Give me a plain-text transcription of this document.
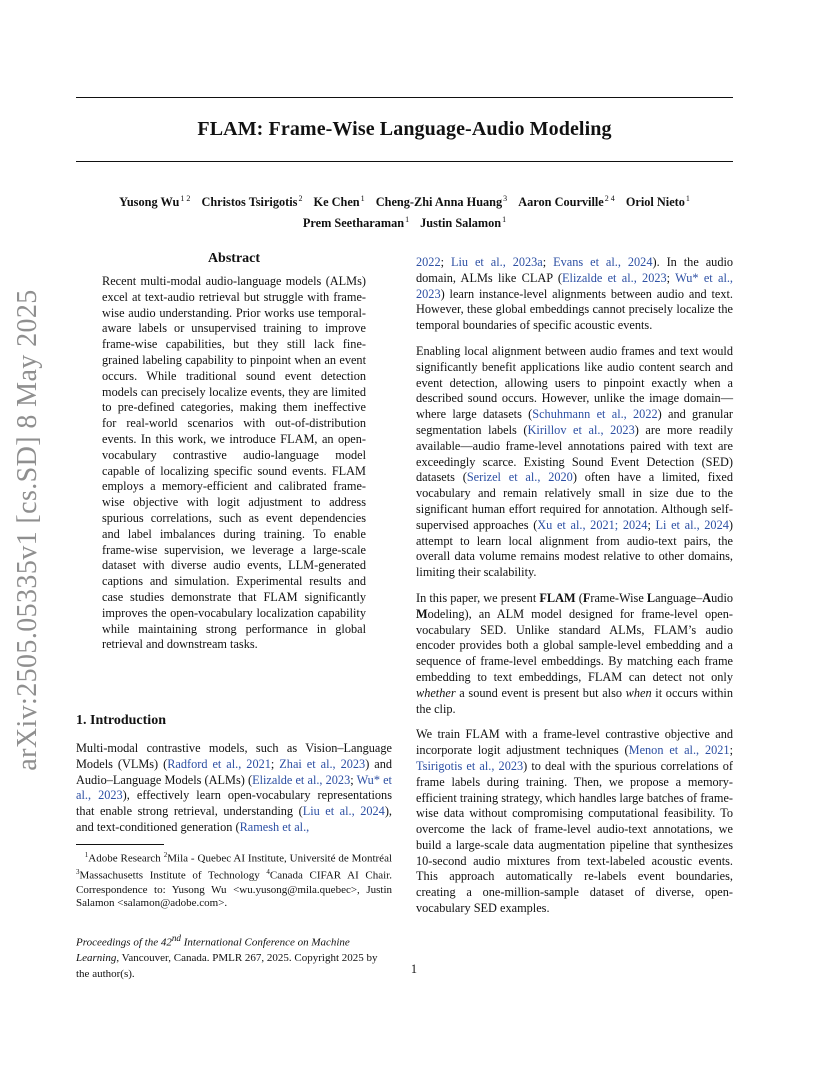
FLAM: Frame-Wise Language-Audio Modeling
Yusong $Wu^{1 2}$ Christos Tsirigotis$^2$ Ke Chen$^1$ Cheng-Zhi Anna Huang$^3$ Aaron Courville$^{2 4}$ Oriol Nieto$^1$
Prem Seetharaman$^1$ Justin Salamon$^1$
arXiv:2505.05335v1 [cs.SD] 8 May 2025
Abstract
Recent multi-modal audio-language models (ALMs) excel at text-audio retrieval but struggle with frame-wise audio understanding. Prior works use temporal-aware labels or unsupervised training to improve frame-wise capabilities, but they still lack fine-grained labeling capability to pinpoint when an event occurs. While traditional sound event detection models can precisely localize events, they are limited to pre-defined categories, making them ineffective for real-world scenarios with out-of-distribution events. In this work, we introduce FLAM, an open-vocabulary contrastive audio-language model capable of localizing specific sound events. FLAM employs a memory-efficient and calibrated frame-wise objective with logit adjustment to address spurious correlations, such as event dependencies and label imbalances during training. To enable frame-wise supervision, we leverage a large-scale dataset with diverse audio events, LLM-generated captions and simulation. Experimental results and case studies demonstrate that FLAM significantly improves the open-vocabulary localization capability while maintaining strong performance in global retrieval and downstream tasks.
1. Introduction

Multi-modal contrastive models, such as Vision–Language Models (VLMs) (Radford et al., 2021; Zhai et al., 2023) and Audio–Language Models (ALMs) (Elizalde et al., 2023; Wu* et al., 2023), effectively learn open-vocabulary representations that enable strong retrieval, understanding (Liu et al., 2024), and text-conditioned generation (Ramesh et al.,

$^1$Adobe Research $^2$Mila - Quebec AI Institute, Université de Montréal $^3$Massachusetts Institute of Technology $^4$Canada CIFAR AI Chair. Correspondence to: Yusong Wu <wu.yusong@mila.quebec>, Justin Salamon <salamon@adobe.com>.
Proceedings of the 42nd International Conference on Machine Learning, Vancouver, Canada. PMLR 267, 2025. Copyright 2025 by the author(s).

2022; Liu et al., 2023a; Evans et al., 2024). In the audio domain, ALMs like CLAP (Elizalde et al., 2023; Wu* et al., 2023) learn instance-level alignments between audio and text. However, these global embeddings cannot precisely localize the temporal boundaries of specific acoustic events.

Enabling local alignment between audio frames and text would significantly benefit applications like audio content search and event detection, allowing users to pinpoint exactly when a described sound occurs. However, unlike the image domain—where large datasets (Schuhmann et al., 2022) and granular segmentation labels (Kirillov et al., 2023) are more readily available—audio frame-level annotations paired with text are exceedingly scarce. Existing Sound Event Detection (SED) datasets (Serizel et al., 2020) often have a limited, fixed vocabulary and remain relatively small in size due to the significant human effort required for annotation. Although self-supervised approaches (Xu et al., 2021; 2024; Li et al., 2024) attempt to learn local alignment from audio-text pairs, the overall data volume remains modest relative to other domains, limiting their scalability.

In this paper, we present FLAM (Frame-Wise Language–Audio Modeling), an ALM model designed for frame-level open-vocabulary SED. Unlike standard ALMs, FLAM’s audio encoder provides both a global sample-level embedding and a sequence of frame-level embeddings. By matching each frame embedding to text embeddings, FLAM can detect not only whether a sound event is present but also when it occurs within the clip.

We train FLAM with a frame-level contrastive objective and incorporate logit adjustment techniques (Menon et al., 2021; Tsirigotis et al., 2023) to deal with the spurious correlations of frame labels during training. Then, we propose a memory-efficient training strategy, which handles large batches of frame-wise data without compromising computational feasibility. To overcome the lack of frame-level audio-text annotations, we build a large-scale data augmentation pipeline that synthesizes 10-second audio mixtures from text-labeled acoustic events. This approach automatically re-labels event boundaries, creating a one-million-sample dataset of diverse, open-vocabulary SED examples.

1
